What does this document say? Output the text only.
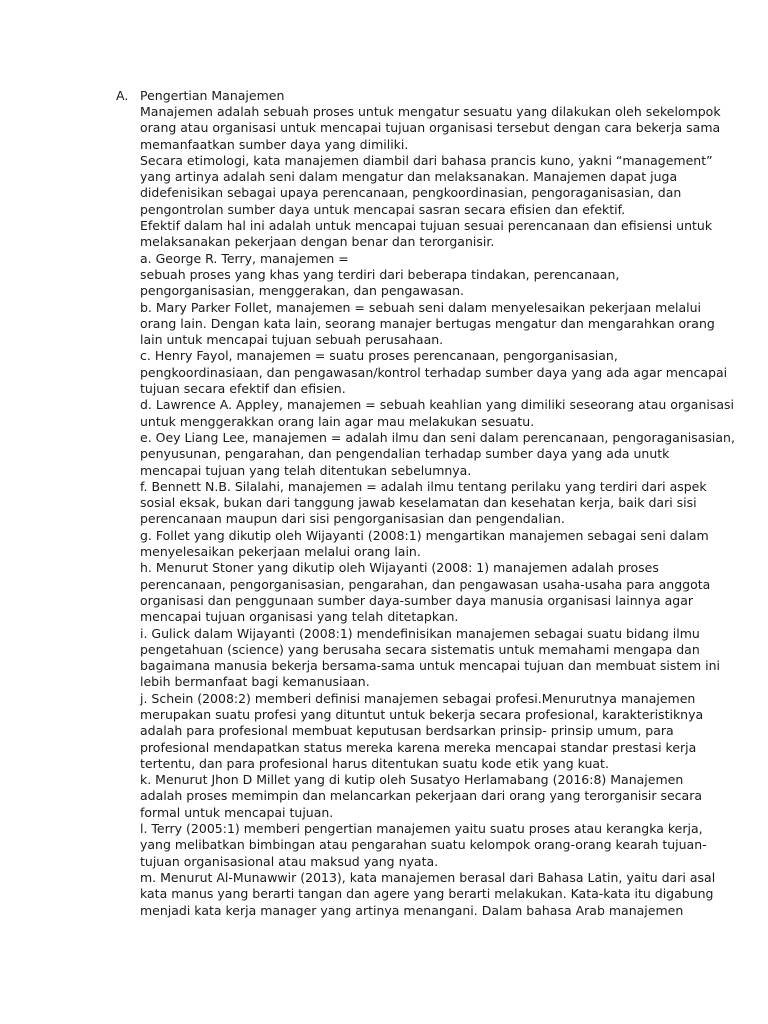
A. Pengertian Manajemen
Manajemen adalah sebuah proses untuk mengatur sesuatu yang dilakukan oleh sekelompok
orang atau organisasi untuk mencapai tujuan organisasi tersebut dengan cara bekerja sama
memanfaatkan sumber daya yang dimiliki.
Secara etimologi, kata manajemen diambil dari bahasa prancis kuno, yakni “management”
yang artinya adalah seni dalam mengatur dan melaksanakan. Manajemen dapat juga
didefenisikan sebagai upaya perencanaan, pengkoordinasian, pengoraganisasian, dan
pengontrolan sumber daya untuk mencapai sasran secara efisien dan efektif.
Efektif dalam hal ini adalah untuk mencapai tujuan sesuai perencanaan dan efisiensi untuk
melaksanakan pekerjaan dengan benar dan terorganisir.
a. George R. Terry, manajemen =
sebuah proses yang khas yang terdiri dari beberapa tindakan, perencanaan,
pengorganisasian, menggerakan, dan pengawasan.
b. Mary Parker Follet, manajemen = sebuah seni dalam menyelesaikan pekerjaan melalui
orang lain. Dengan kata lain, seorang manajer bertugas mengatur dan mengarahkan orang
lain untuk mencapai tujuan sebuah perusahaan.
c. Henry Fayol, manajemen = suatu proses perencanaan, pengorganisasian,
pengkoordinasiaan, dan pengawasan/kontrol terhadap sumber daya yang ada agar mencapai
tujuan secara efektif dan efisien.
d. Lawrence A. Appley, manajemen = sebuah keahlian yang dimiliki seseorang atau organisasi
untuk menggerakkan orang lain agar mau melakukan sesuatu.
e. Oey Liang Lee, manajemen = adalah ilmu dan seni dalam perencanaan, pengoraganisasian,
penyusunan, pengarahan, dan pengendalian terhadap sumber daya yang ada unutk
mencapai tujuan yang telah ditentukan sebelumnya.
f. Bennett N.B. Silalahi, manajemen = adalah ilmu tentang perilaku yang terdiri dari aspek
sosial eksak, bukan dari tanggung jawab keselamatan dan kesehatan kerja, baik dari sisi
perencanaan maupun dari sisi pengorganisasian dan pengendalian.
g. Follet yang dikutip oleh Wijayanti (2008:1) mengartikan manajemen sebagai seni dalam
menyelesaikan pekerjaan melalui orang lain.
h. Menurut Stoner yang dikutip oleh Wijayanti (2008: 1) manajemen adalah proses
perencanaan, pengorganisasian, pengarahan, dan pengawasan usaha-usaha para anggota
organisasi dan penggunaan sumber daya-sumber daya manusia organisasi lainnya agar
mencapai tujuan organisasi yang telah ditetapkan.
i. Gulick dalam Wijayanti (2008:1) mendefinisikan manajemen sebagai suatu bidang ilmu
pengetahuan (science) yang berusaha secara sistematis untuk memahami mengapa dan
bagaimana manusia bekerja bersama-sama untuk mencapai tujuan dan membuat sistem ini
lebih bermanfaat bagi kemanusiaan.
j. Schein (2008:2) memberi definisi manajemen sebagai profesi.Menurutnya manajemen
merupakan suatu profesi yang dituntut untuk bekerja secara profesional, karakteristiknya
adalah para profesional membuat keputusan berdsarkan prinsip- prinsip umum, para
profesional mendapatkan status mereka karena mereka mencapai standar prestasi kerja
tertentu, dan para profesional harus ditentukan suatu kode etik yang kuat.
k. Menurut Jhon D Millet yang di kutip oleh Susatyo Herlamabang (2016:8) Manajemen
adalah proses memimpin dan melancarkan pekerjaan dari orang yang terorganisir secara
formal untuk mencapai tujuan.
l. Terry (2005:1) memberi pengertian manajemen yaitu suatu proses atau kerangka kerja,
yang melibatkan bimbingan atau pengarahan suatu kelompok orang-orang kearah tujuan-
tujuan organisasional atau maksud yang nyata.
m. Menurut Al-Munawwir (2013), kata manajemen berasal dari Bahasa Latin, yaitu dari asal
kata manus yang berarti tangan dan agere yang berarti melakukan. Kata-kata itu digabung
menjadi kata kerja manager yang artinya menangani. Dalam bahasa Arab manajemen
